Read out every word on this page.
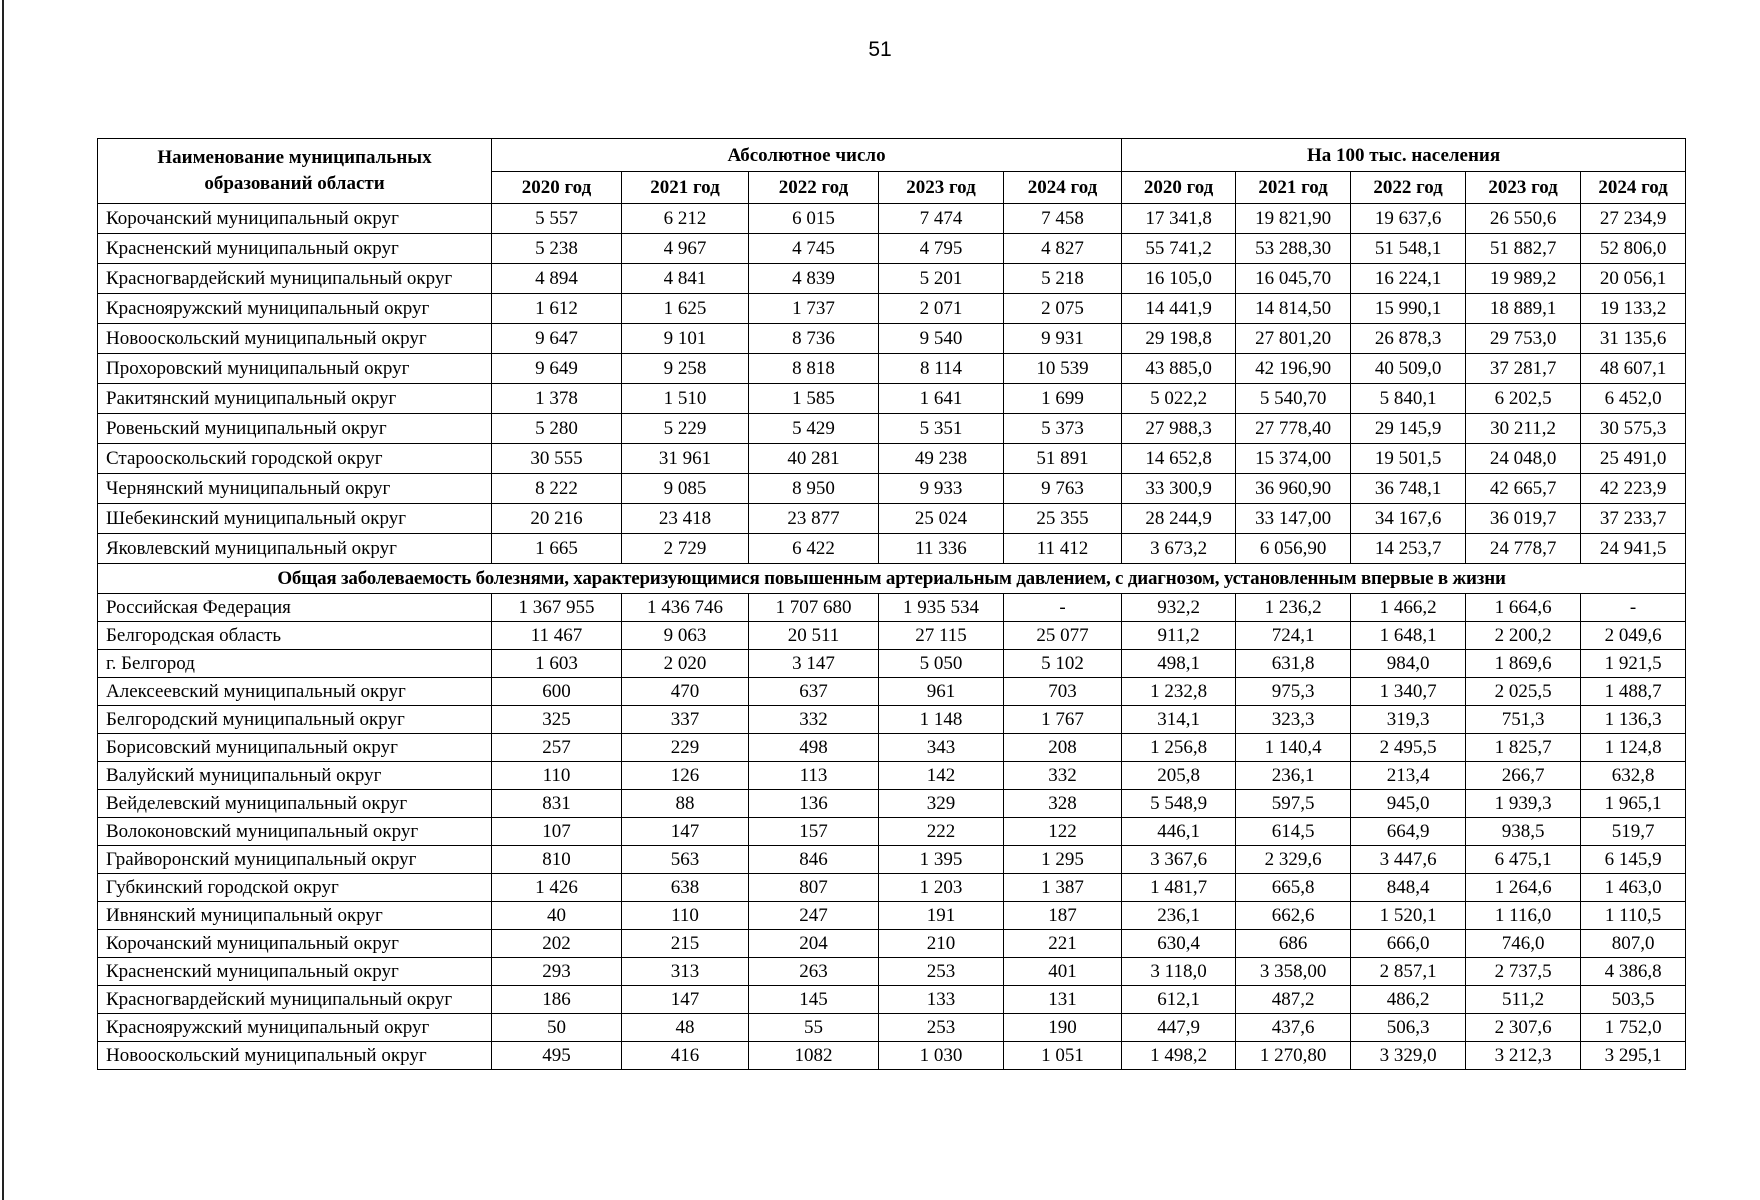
51
Наименование муниципальных образований области	Абсолютное число					На 100 тыс. населения				
	2020 год	2021 год	2022 год	2023 год	2024 год	2020 год	2021 год	2022 год	2023 год	2024 год
Корочанский муниципальный округ	5 557	6 212	6 015	7 474	7 458	17 341,8	19 821,90	19 637,6	26 550,6	27 234,9
Красненский муниципальный округ	5 238	4 967	4 745	4 795	4 827	55 741,2	53 288,30	51 548,1	51 882,7	52 806,0
Красногвардейский муниципальный округ	4 894	4 841	4 839	5 201	5 218	16 105,0	16 045,70	16 224,1	19 989,2	20 056,1
Краснояружский муниципальный округ	1 612	1 625	1 737	2 071	2 075	14 441,9	14 814,50	15 990,1	18 889,1	19 133,2
Новооскольский муниципальный округ	9 647	9 101	8 736	9 540	9 931	29 198,8	27 801,20	26 878,3	29 753,0	31 135,6
Прохоровский муниципальный округ	9 649	9 258	8 818	8 114	10 539	43 885,0	42 196,90	40 509,0	37 281,7	48 607,1
Ракитянский муниципальный округ	1 378	1 510	1 585	1 641	1 699	5 022,2	5 540,70	5 840,1	6 202,5	6 452,0
Ровеньский муниципальный округ	5 280	5 229	5 429	5 351	5 373	27 988,3	27 778,40	29 145,9	30 211,2	30 575,3
Старооскольский городской округ	30 555	31 961	40 281	49 238	51 891	14 652,8	15 374,00	19 501,5	24 048,0	25 491,0
Чернянский муниципальный округ	8 222	9 085	8 950	9 933	9 763	33 300,9	36 960,90	36 748,1	42 665,7	42 223,9
Шебекинский муниципальный округ	20 216	23 418	23 877	25 024	25 355	28 244,9	33 147,00	34 167,6	36 019,7	37 233,7
Яковлевский муниципальный округ	1 665	2 729	6 422	11 336	11 412	3 673,2	6 056,90	14 253,7	24 778,7	24 941,5
Общая заболеваемость болезнями, характеризующимися повышенным артериальным давлением, с диагнозом, установленным впервые в жизни										
Российская Федерация	1 367 955	1 436 746	1 707 680	1 935 534	-	932,2	1 236,2	1 466,2	1 664,6	-
Белгородская область	11 467	9 063	20 511	27 115	25 077	911,2	724,1	1 648,1	2 200,2	2 049,6
г. Белгород	1 603	2 020	3 147	5 050	5 102	498,1	631,8	984,0	1 869,6	1 921,5
Алексеевский муниципальный округ	600	470	637	961	703	1 232,8	975,3	1 340,7	2 025,5	1 488,7
Белгородский муниципальный округ	325	337	332	1 148	1 767	314,1	323,3	319,3	751,3	1 136,3
Борисовский муниципальный округ	257	229	498	343	208	1 256,8	1 140,4	2 495,5	1 825,7	1 124,8
Валуйский муниципальный округ	110	126	113	142	332	205,8	236,1	213,4	266,7	632,8
Вейделевский муниципальный округ	831	88	136	329	328	5 548,9	597,5	945,0	1 939,3	1 965,1
Волоконовский муниципальный округ	107	147	157	222	122	446,1	614,5	664,9	938,5	519,7
Грайворонский муниципальный округ	810	563	846	1 395	1 295	3 367,6	2 329,6	3 447,6	6 475,1	6 145,9
Губкинский городской округ	1 426	638	807	1 203	1 387	1 481,7	665,8	848,4	1 264,6	1 463,0
Ивнянский муниципальный округ	40	110	247	191	187	236,1	662,6	1 520,1	1 116,0	1 110,5
Корочанский муниципальный округ	202	215	204	210	221	630,4	686	666,0	746,0	807,0
Красненский муниципальный округ	293	313	263	253	401	3 118,0	3 358,00	2 857,1	2 737,5	4 386,8
Красногвардейский муниципальный округ	186	147	145	133	131	612,1	487,2	486,2	511,2	503,5
Краснояружский муниципальный округ	50	48	55	253	190	447,9	437,6	506,3	2 307,6	1 752,0
Новооскольский муниципальный округ	495	416	1082	1 030	1 051	1 498,2	1 270,80	3 329,0	3 212,3	3 295,1
